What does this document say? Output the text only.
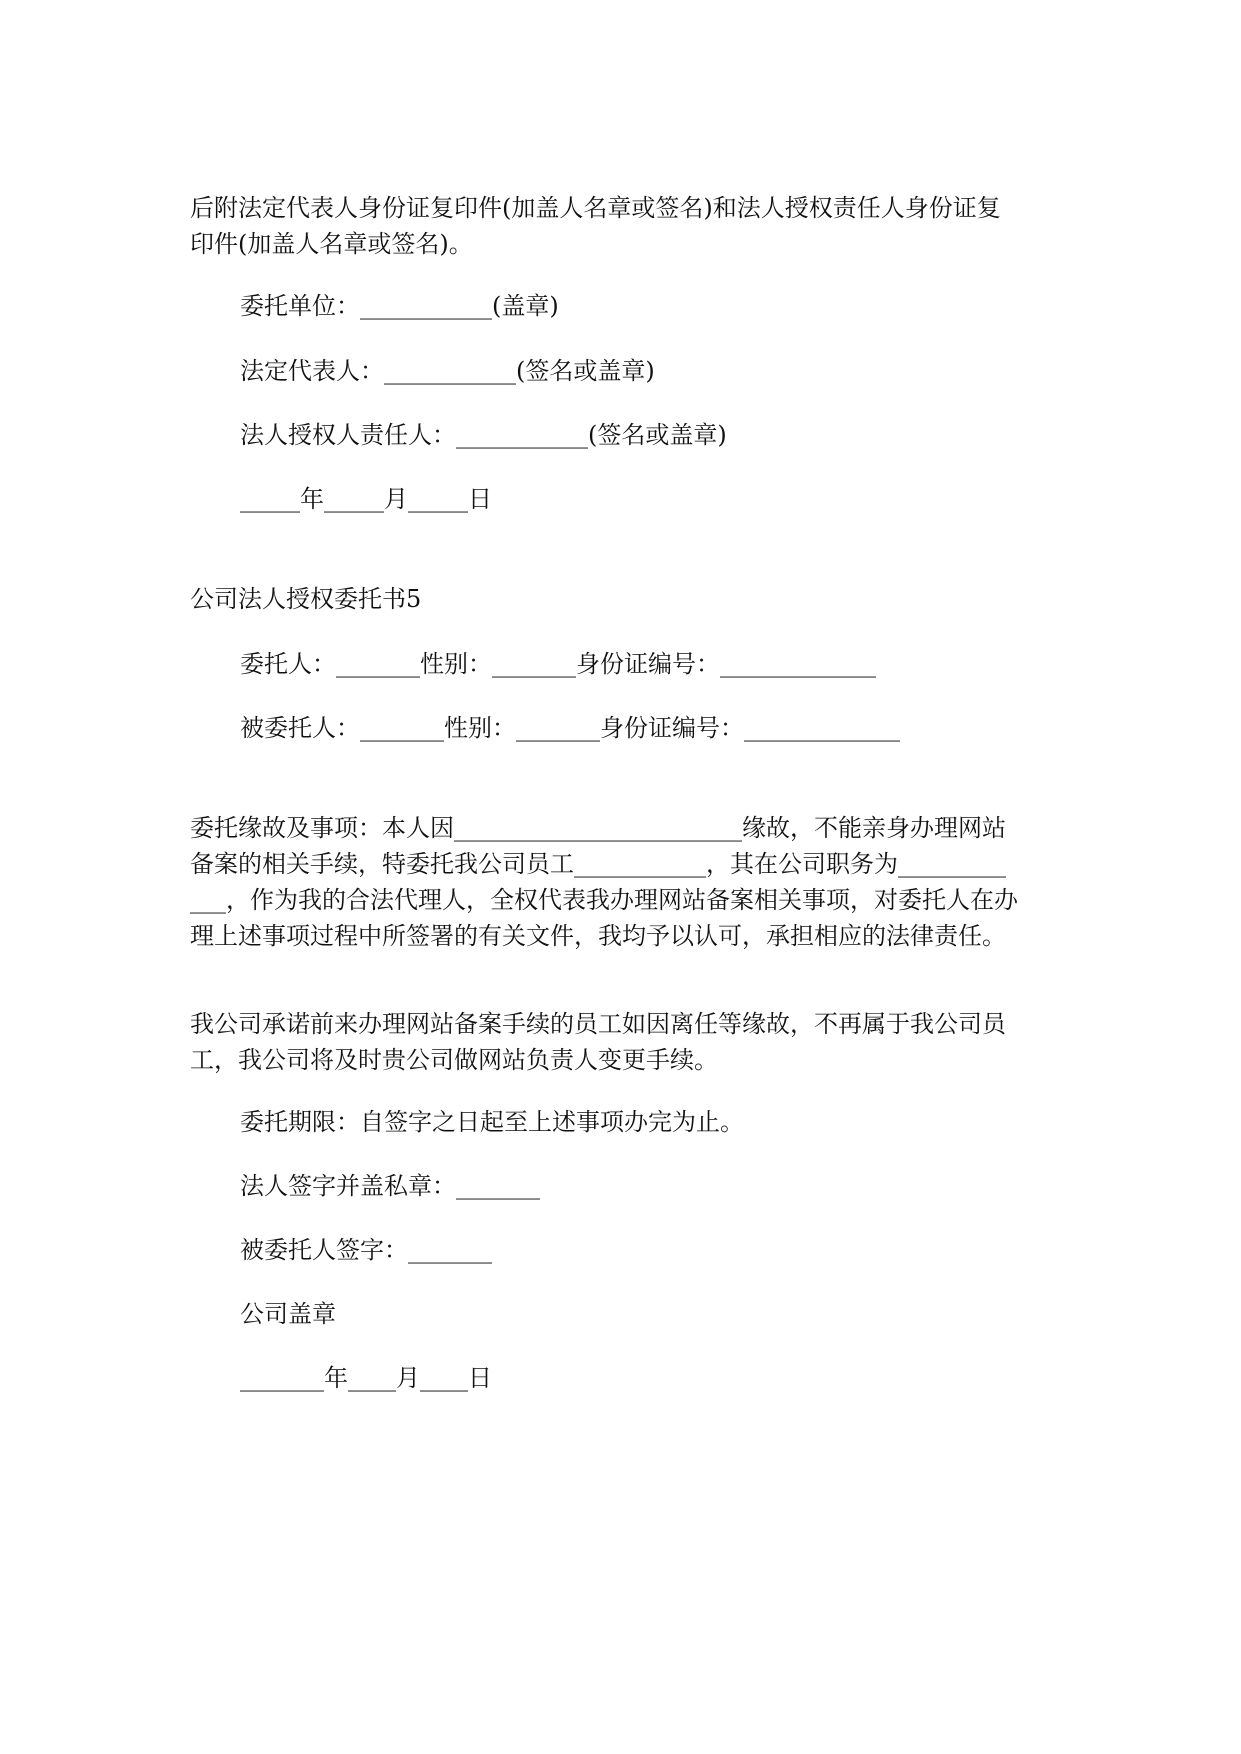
后附法定代表人身份证复印件(加盖人名章或签名)和法人授权责任人身份证复
印件(加盖人名章或签名)。
委托单位：___________(盖章)
法定代表人：___________(签名或盖章)
法人授权人责任人：___________(签名或盖章)
_____年_____月_____日
公司法人授权委托书5
委托人：_______性别：_______身份证编号：_____________
被委托人：_______性别：_______身份证编号：_____________
委托缘故及事项：本人因________________________缘故，不能亲身办理网站
备案的相关手续，特委托我公司员工___________，其在公司职务为_________
___，作为我的合法代理人，全权代表我办理网站备案相关事项，对委托人在办
理上述事项过程中所签署的有关文件，我均予以认可，承担相应的法律责任。
我公司承诺前来办理网站备案手续的员工如因离任等缘故，不再属于我公司员
工，我公司将及时贵公司做网站负责人变更手续。
委托期限：自签字之日起至上述事项办完为止。
法人签字并盖私章：_______
被委托人签字：_______
公司盖章
_______年____月____日
